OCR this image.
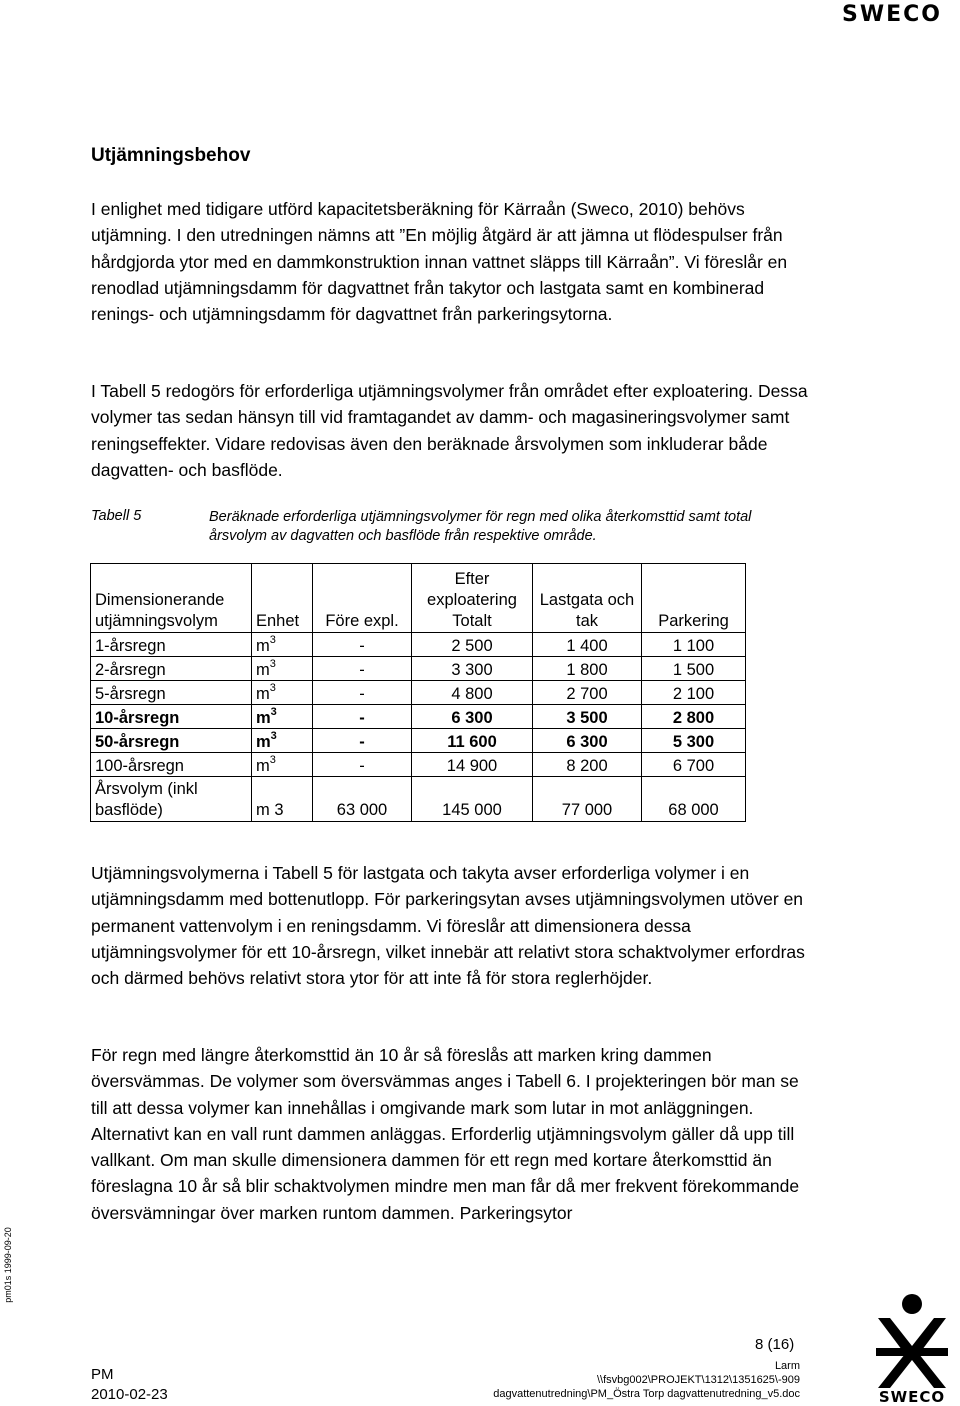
SWECO
Utjämningsbehov

I enlighet med tidigare utförd kapacitetsberäkning för Kärraån (Sweco, 2010) behövs utjämning. I den utredningen nämns att ”En möjlig åtgärd är att jämna ut flödespulser från hårdgjorda ytor med en dammkonstruktion innan vattnet släpps till Kärraån”. Vi föreslår en renodlad utjämningsdamm för dagvattnet från takytor och lastgata samt en kombinerad renings- och utjämningsdamm för dagvattnet från parkeringsytorna.

I Tabell 5 redogörs för erforderliga utjämningsvolymer från området efter exploatering. Dessa volymer tas sedan hänsyn till vid framtagandet av damm- och magasineringsvolymer samt reningseffekter. Vidare redovisas även den beräknade årsvolymen som inkluderar både dagvatten- och basflöde.

Tabell 5	Beräknade erforderliga utjämningsvolymer för regn med olika återkomsttid samt total årsvolym av dagvatten och basflöde från respektive område.
Dimensionerande utjämningsvolym	Enhet	Före expl.	Efter exploatering Totalt	Lastgata och tak	Parkering
1-årsregn	$m^3$	-	2 500	1 400	1 100
2-årsregn	$m^3$	-	3 300	1 800	1 500
5-årsregn	$m^3$	-	4 800	2 700	2 100
10-årsregn	$m^3$	-	6 300	3 500	2 800
50-årsregn	$m^3$	-	11 600	6 300	5 300
100-årsregn	$m^3$	-	14 900	8 200	6 700
Årsvolym (inkl basflöde)	m 3	63 000	145 000	77 000	68 000

Utjämningsvolymerna i Tabell 5 för lastgata och takyta avser erforderliga volymer i en utjämningsdamm med bottenutlopp. För parkeringsytan avses utjämningsvolymen utöver en permanent vattenvolym i en reningsdamm. Vi föreslår att dimensionera dessa utjämningsvolymer för ett 10-årsregn, vilket innebär att relativt stora schaktvolymer erfordras och därmed behövs relativt stora ytor för att inte få för stora reglerhöjder.

För regn med längre återkomsttid än 10 år så föreslås att marken kring dammen översvämmas. De volymer som översvämmas anges i Tabell 6. I projekteringen bör man se till att dessa volymer kan innehållas i omgivande mark som lutar in mot anläggningen. Alternativt kan en vall runt dammen anläggas. Erforderlig utjämningsvolym gäller då upp till vallkant. Om man skulle dimensionera dammen för ett regn med kortare återkomsttid än föreslagna 10 år så blir schaktvolymen mindre men man får då mer frekvent förekommande översvämningar över marken runtom dammen. Parkeringsytor

pm01s 1999-09-20
8 (16)
PM
2010-02-23
Larm
\\fsvbg002\PROJEKT\1312\1351625\-909
dagvattenutredning\PM_Östra Torp dagvattenutredning_v5.doc	SWECO
